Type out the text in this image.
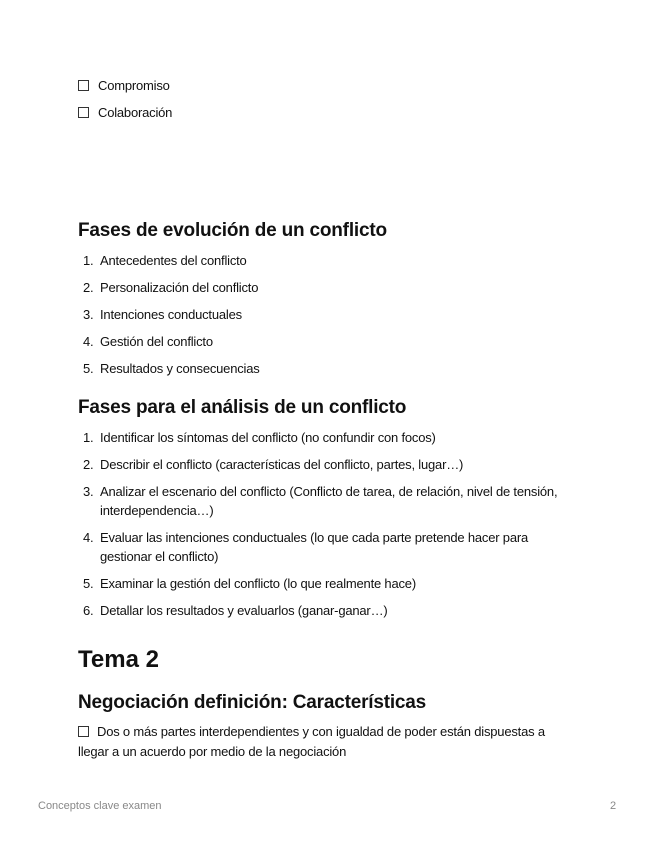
Compromiso
Colaboración
Fases de evolución de un conflicto
1. Antecedentes del conflicto
2. Personalización del conflicto
3. Intenciones conductuales
4. Gestión del conflicto
5. Resultados y consecuencias
Fases para el análisis de un conflicto
1. Identificar los síntomas del conflicto (no confundir con focos)
2. Describir el conflicto (características del conflicto, partes, lugar…)
3. Analizar el escenario del conflicto (Conflicto de tarea, de relación, nivel de tensión, interdependencia…)
4. Evaluar las intenciones conductuales (lo que cada parte pretende hacer para gestionar el conflicto)
5. Examinar la gestión del conflicto (lo que realmente hace)
6. Detallar los resultados y evaluarlos (ganar-ganar…)
Tema 2
Negociación definición: Características
Dos o más partes interdependientes y con igualdad de poder están dispuestas a llegar a un acuerdo por medio de la negociación
Conceptos clave examen	2
